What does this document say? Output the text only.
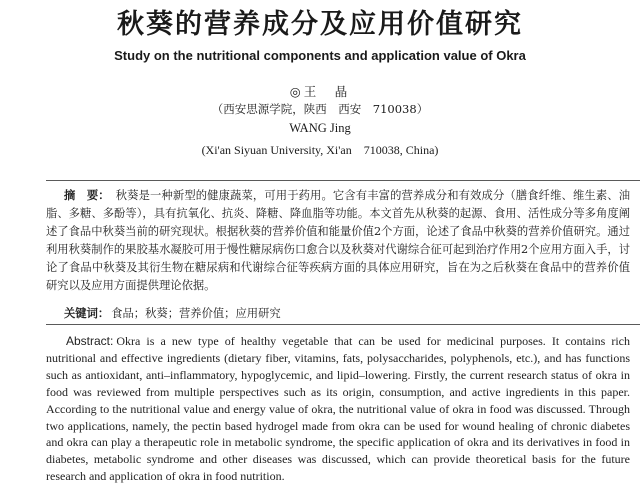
秋葵的营养成分及应用价值研究
Study on the nutritional components and application value of Okra
◎王　晶
（西安思源学院，陕西　西安　710038）
WANG Jing
(Xi'an Siyuan University, Xi'an　710038, China)
摘　要： 秋葵是一种新型的健康蔬菜，可用于药用。它含有丰富的营养成分和有效成分（膳食纤维、维生素、油脂、多糖、多酚等），具有抗氧化、抗炎、降糖、降血脂等功能。本文首先从秋葵的起源、食用、活性成分等多角度阐述了食品中秋葵当前的研究现状。根据秋葵的营养价值和能量价值2个方面，论述了食品中秋葵的营养价值研究。通过利用秋葵制作的果胶基水凝胶可用于慢性糖尿病伤口愈合以及秋葵对代谢综合征可起到治疗作用2个应用方面入手，讨论了食品中秋葵及其衍生物在糖尿病和代谢综合征等疾病方面的具体应用研究，旨在为之后秋葵在食品中的营养价值研究以及应用方面提供理论依据。
关键词： 食品；秋葵；营养价值；应用研究
Abstract: Okra is a new type of healthy vegetable that can be used for medicinal purposes. It contains rich nutritional and effective ingredients (dietary fiber, vitamins, fats, polysaccharides, polyphenols, etc.), and has functions such as antioxidant, anti–inflammatory, hypoglycemic, and lipid–lowering. Firstly, the current research status of okra in food was reviewed from multiple perspectives such as its origin, consumption, and active ingredients in this paper. According to the nutritional value and energy value of okra, the nutritional value of okra in food was discussed. Through two applications, namely, the pectin based hydrogel made from okra can be used for wound healing of chronic diabetes and okra can play a therapeutic role in metabolic syndrome, the specific application of okra and its derivatives in food in diabetes, metabolic syndrome and other diseases was discussed, which can provide theoretical basis for the future research and application of okra in food nutrition.
